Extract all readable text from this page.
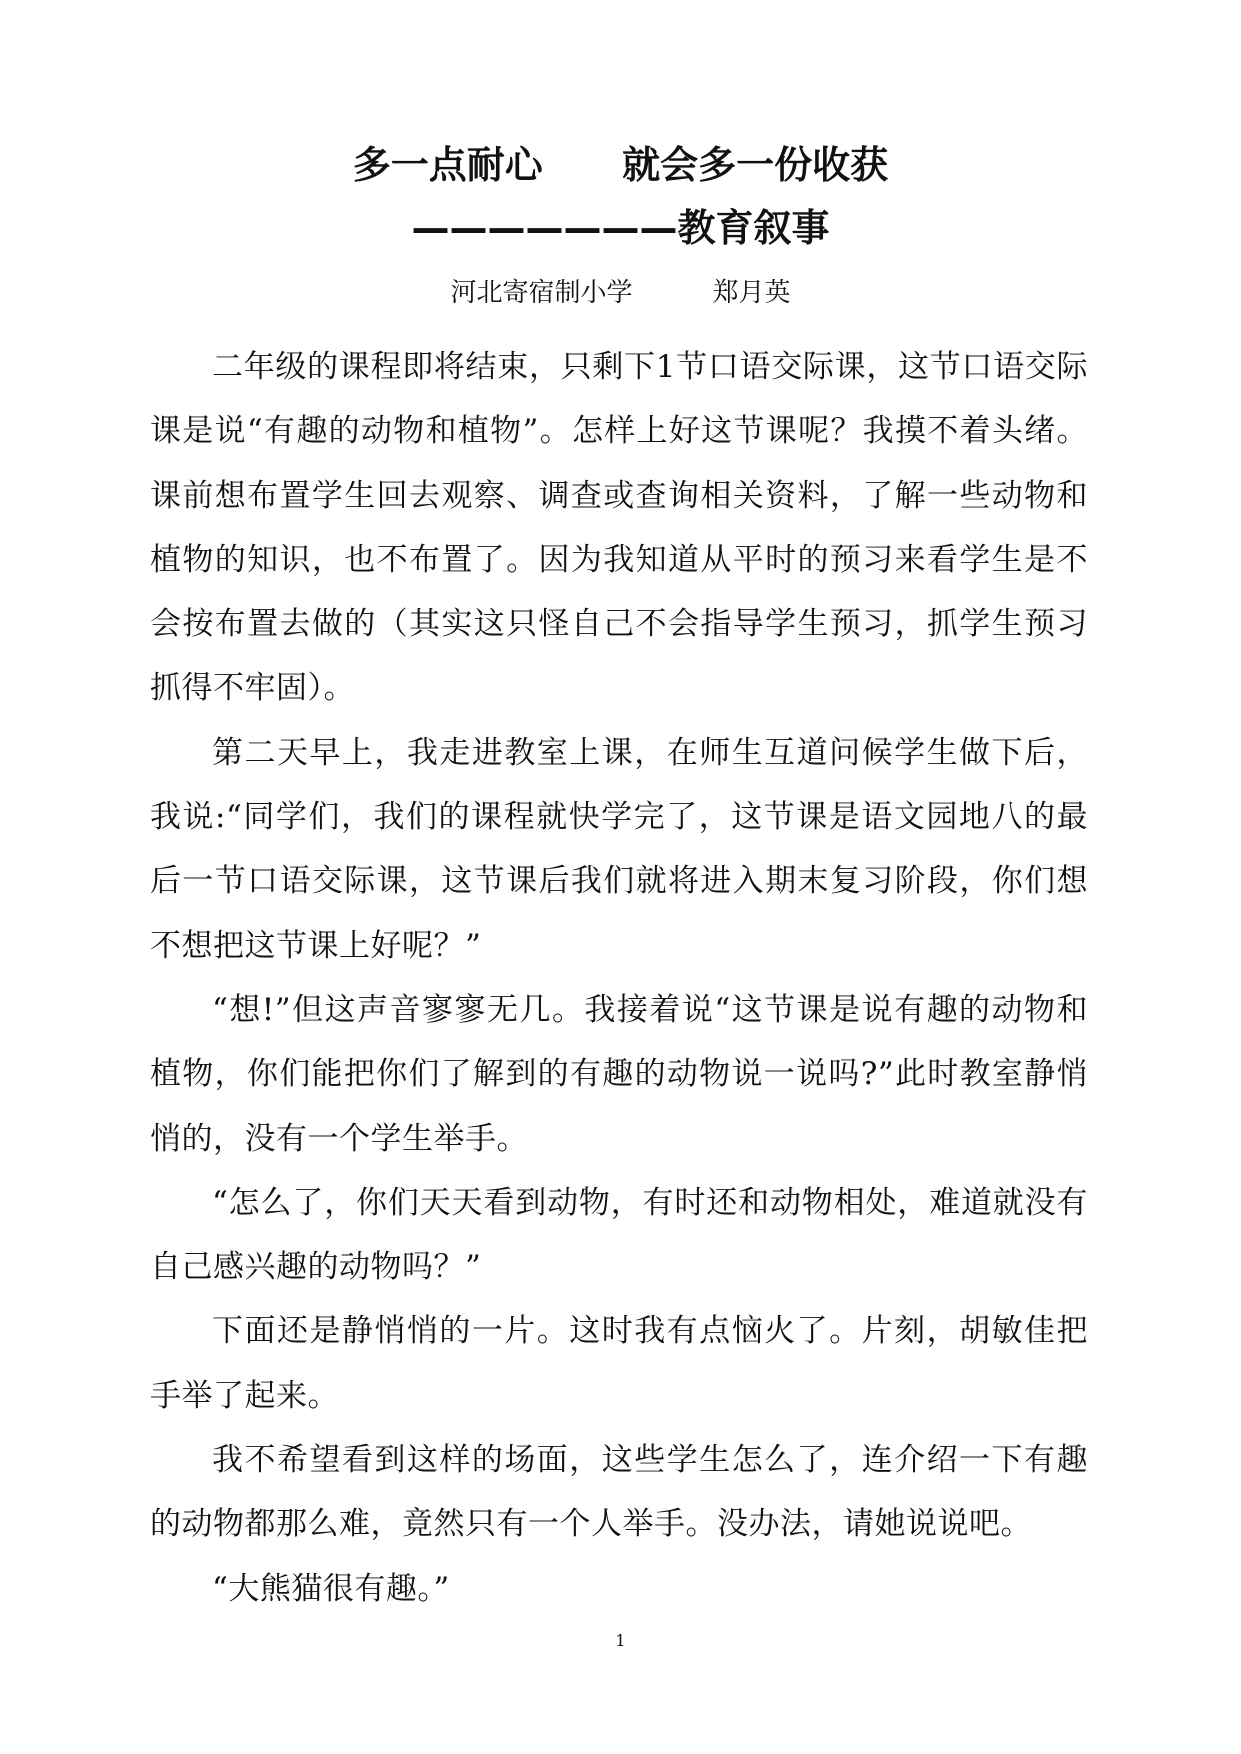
多一点耐心      就会多一份收获
———————教育叙事
河北寄宿制小学	郑月英

二年级的课程即将结束，只剩下1节口语交际课，这节口语交际课是说“有趣的动物和植物”。怎样上好这节课呢？我摸不着头绪。课前想布置学生回去观察、调查或查询相关资料，了解一些动物和植物的知识，也不布置了。因为我知道从平时的预习来看学生是不会按布置去做的（其实这只怪自己不会指导学生预习，抓学生预习抓得不牢固）。

第二天早上，我走进教室上课，在师生互道问候学生做下后，我说:“同学们，我们的课程就快学完了，这节课是语文园地八的最后一节口语交际课，这节课后我们就将进入期末复习阶段，你们想不想把这节课上好呢？”

“想!”但这声音寥寥无几。我接着说“这节课是说有趣的动物和植物，你们能把你们了解到的有趣的动物说一说吗?”此时教室静悄悄的，没有一个学生举手。

“怎么了，你们天天看到动物，有时还和动物相处，难道就没有自己感兴趣的动物吗？”

下面还是静悄悄的一片。这时我有点恼火了。片刻，胡敏佳把手举了起来。

我不希望看到这样的场面，这些学生怎么了，连介绍一下有趣的动物都那么难，竟然只有一个人举手。没办法，请她说说吧。

“大熊猫很有趣。”

1
